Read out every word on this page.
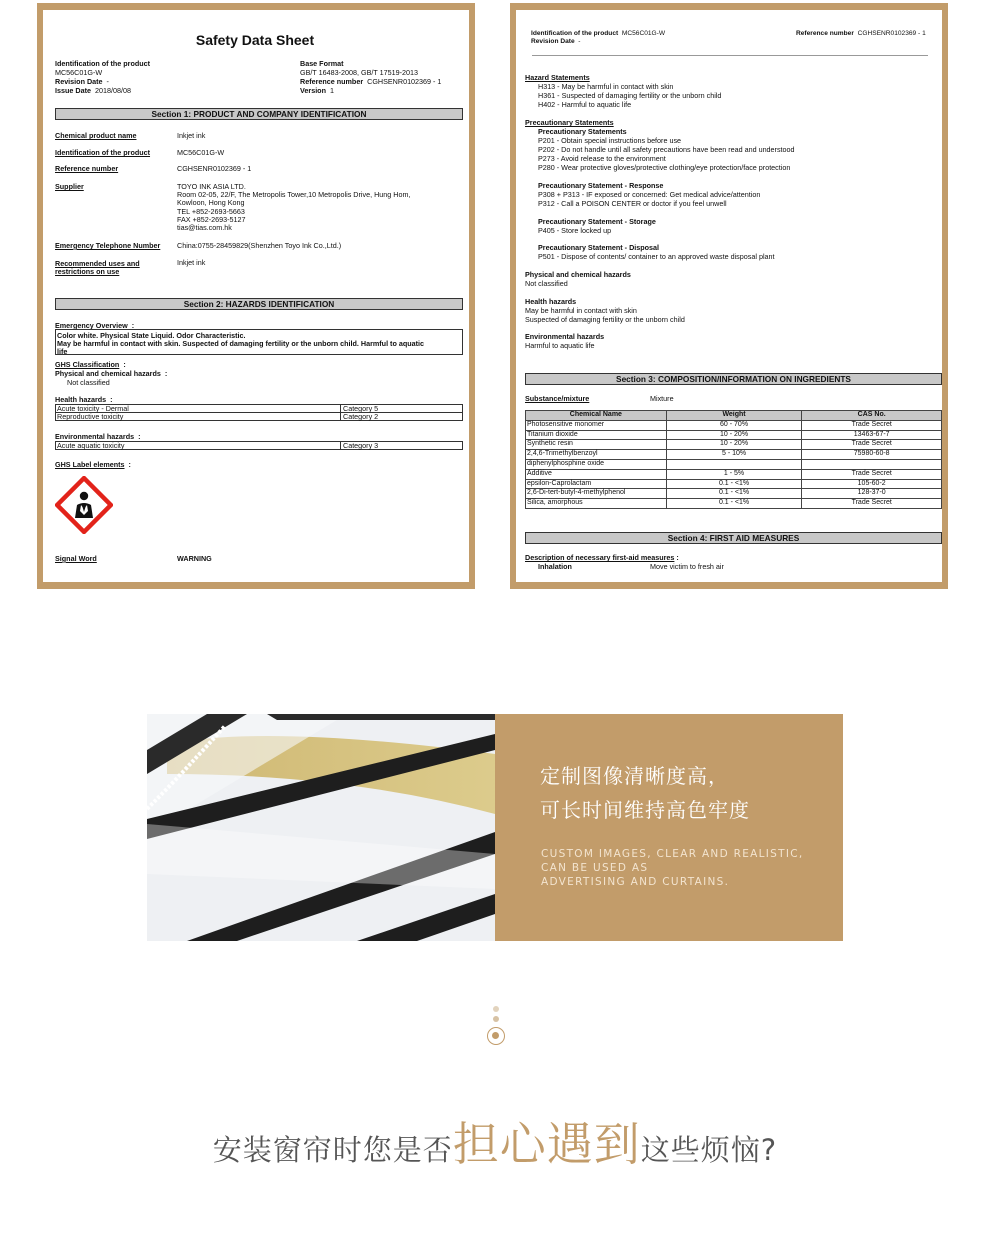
Safety Data Sheet
Identification of the product
MC56C01G-W
Revision Date -
Issue Date 2018/08/08
Base Format
GB/T 16483-2008, GB/T 17519-2013
Reference number CGHSENR0102369 - 1
Version 1
Section 1: PRODUCT AND COMPANY IDENTIFICATION
Chemical product name	Inkjet ink
Identification of the product	MC56C01G-W
Reference number	CGHSENR0102369 - 1
Supplier	TOYO INK ASIA LTD.
Room 02-05, 22/F, The Metropolis Tower,10 Metropolis Drive, Hung Hom,
Kowloon, Hong Kong
TEL +852-2693-5663
FAX +852-2693-5127
tias@tias.com.hk
Emergency Telephone Number China:0755-28459829(Shenzhen Toyo Ink Co.,Ltd.)
Recommended uses and
restrictions on use
Inkjet ink
Section 2: HAZARDS IDENTIFICATION
Emergency Overview :
Color white. Physical State Liquid. Odor Characteristic.
May be harmful in contact with skin. Suspected of damaging fertility or the unborn child. Harmful to aquatic
life
GHS Classification :
Physical and chemical hazards :
Not classified
Health hazards :
Acute toxicity - Dermal	Category 5
Reproductive toxicity	Category 2
Environmental hazards :
Acute aquatic toxicity	Category 3
GHS Label elements :
Signal Word	WARNING
Identification of the product MC56C01G-W	Reference number CGHSENR0102369 - 1
Revision Date -
Hazard Statements
H313 - May be harmful in contact with skin
H361 - Suspected of damaging fertility or the unborn child
H402 - Harmful to aquatic life
Precautionary Statements
Precautionary Statements
P201 - Obtain special instructions before use
P202 - Do not handle until all safety precautions have been read and understood
P273 - Avoid release to the environment
P280 - Wear protective gloves/protective clothing/eye protection/face protection
Precautionary Statement - Response
P308 + P313 - IF exposed or concerned: Get medical advice/attention
P312 - Call a POISON CENTER or doctor if you feel unwell
Precautionary Statement - Storage
P405 - Store locked up
Precautionary Statement - Disposal
P501 - Dispose of contents/ container to an approved waste disposal plant
Physical and chemical hazards
Not classified
Health hazards
May be harmful in contact with skin
Suspected of damaging fertility or the unborn child
Environmental hazards
Harmful to aquatic life
Section 3: COMPOSITION/INFORMATION ON INGREDIENTS
Substance/mixture	Mixture
Chemical Name	Weight	CAS No.
Photosensitive monomer	60 - 70%	Trade Secret
Titanium dioxide	10 - 20%	13463-67-7
Synthetic resin	10 - 20%	Trade Secret
2,4,6-Trimethylbenzoyl	5 - 10%	75980-60-8
diphenylphosphine oxide		
Additive	1 - 5%	Trade Secret
epsilon-Caprolactam	0.1 - <1%	105-60-2
2,6-Di-tert-butyl-4-methylphenol	0.1 - <1%	128-37-0
Silica, amorphous	0.1 - <1%	Trade Secret
Section 4: FIRST AID MEASURES
Description of necessary first-aid measures :
Inhalation	Move victim to fresh air
定制图像清晰度高，
可长时间维持高色牢度
CUSTOM IMAGES, CLEAR AND REALISTIC,
CAN BE USED AS
ADVERTISING AND CURTAINS.
安装窗帘时您是否担心遇到这些烦恼?
